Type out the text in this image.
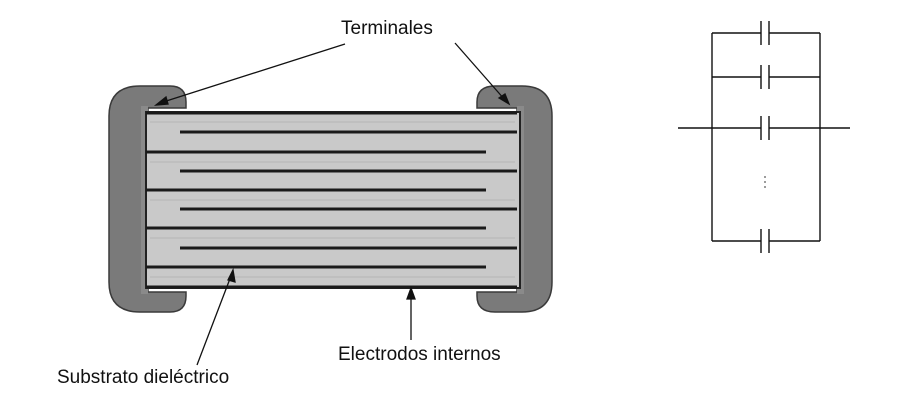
Terminales
Substrato dieléctrico
Electrodos internos
